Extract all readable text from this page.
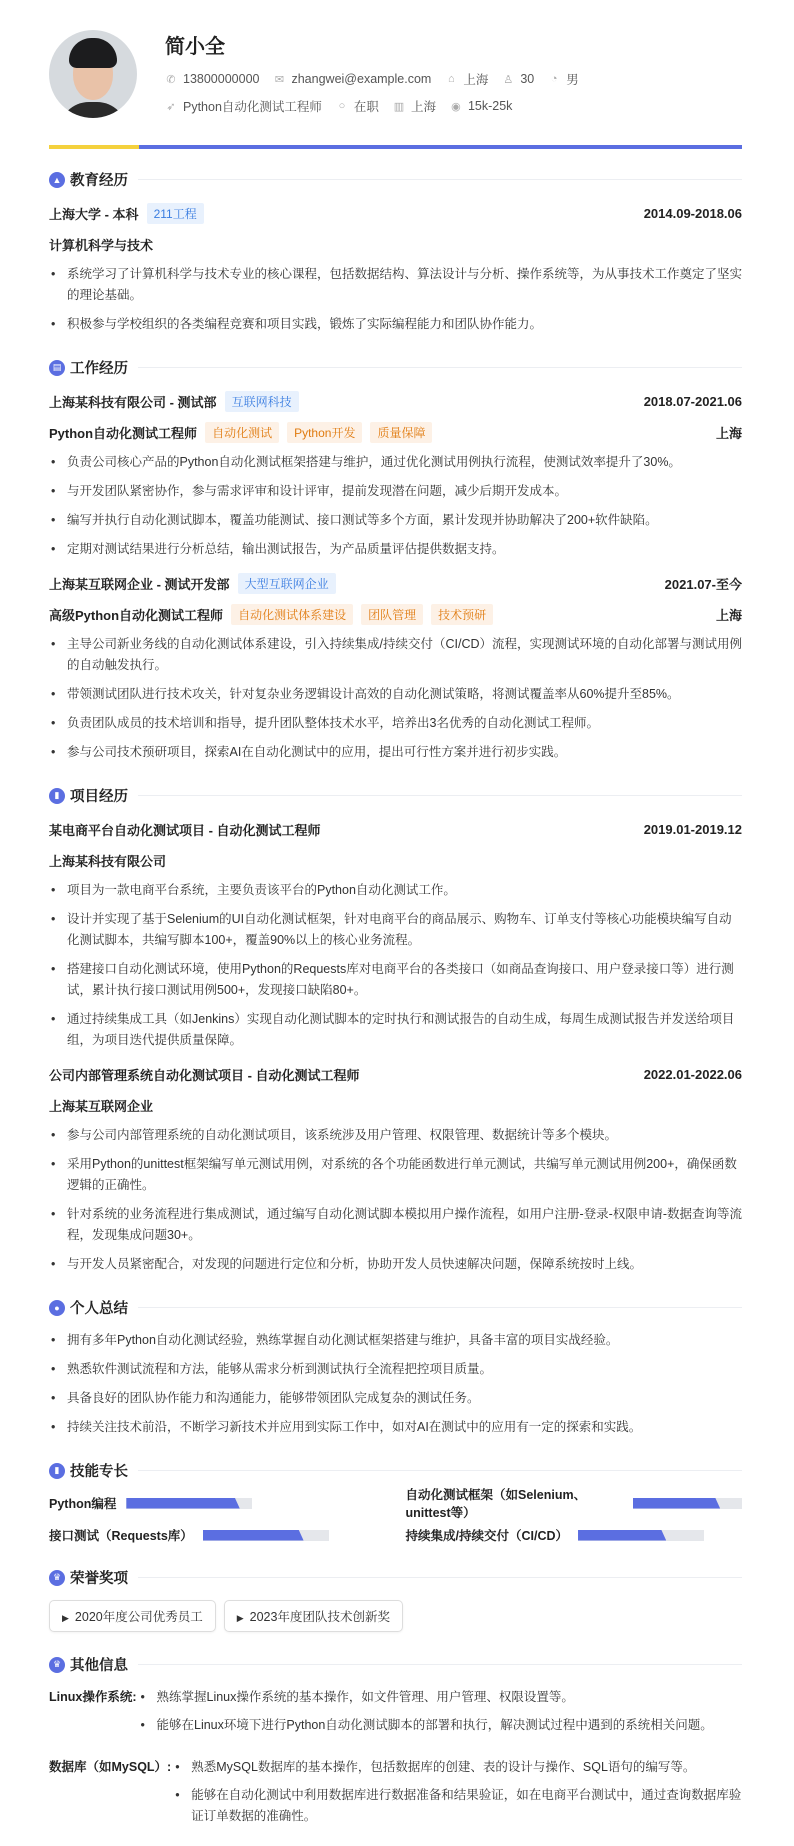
简小全
✆ 13800000000 ✉ zhangwei@example.com ⌂ 上海 ♙ 30 ◔ 男
➶ Python自动化测试工程师 ○ 在职 ▥ 上海 ◉ 15k-25k
▲ 教育经历
上海大学 - 本科	211工程	2014.09-2018.06
计算机科学与技术
• 系统学习了计算机科学与技术专业的核心课程，包括数据结构、算法设计与分析、操作系统等，为从事技术工作奠定了坚实的理论基础。
• 积极参与学校组织的各类编程竞赛和项目实践，锻炼了实际编程能力和团队协作能力。
▤ 工作经历
上海某科技有限公司 - 测试部	互联网科技	2018.07-2021.06
Python自动化测试工程师	自动化测试	Python开发	质量保障	上海
• 负责公司核心产品的Python自动化测试框架搭建与维护，通过优化测试用例执行流程，使测试效率提升了30%。
• 与开发团队紧密协作，参与需求评审和设计评审，提前发现潜在问题，减少后期开发成本。
• 编写并执行自动化测试脚本，覆盖功能测试、接口测试等多个方面，累计发现并协助解决了200+软件缺陷。
• 定期对测试结果进行分析总结，输出测试报告，为产品质量评估提供数据支持。
上海某互联网企业 - 测试开发部	大型互联网企业	2021.07-至今
高级Python自动化测试工程师	自动化测试体系建设	团队管理	技术预研	上海
• 主导公司新业务线的自动化测试体系建设，引入持续集成/持续交付（CI/CD）流程，实现测试环境的自动化部署与测试用例的自动触发执行。
• 带领测试团队进行技术攻关，针对复杂业务逻辑设计高效的自动化测试策略，将测试覆盖率从60%提升至85%。
• 负责团队成员的技术培训和指导，提升团队整体技术水平，培养出3名优秀的自动化测试工程师。
• 参与公司技术预研项目，探索AI在自动化测试中的应用，提出可行性方案并进行初步实践。
▮ 项目经历
某电商平台自动化测试项目 - 自动化测试工程师	2019.01-2019.12
上海某科技有限公司
• 项目为一款电商平台系统，主要负责该平台的Python自动化测试工作。
• 设计并实现了基于Selenium的UI自动化测试框架，针对电商平台的商品展示、购物车、订单支付等核心功能模块编写自动化测试脚本，共编写脚本100+，覆盖90%以上的核心业务流程。
• 搭建接口自动化测试环境，使用Python的Requests库对电商平台的各类接口（如商品查询接口、用户登录接口等）进行测试，累计执行接口测试用例500+，发现接口缺陷80+。
• 通过持续集成工具（如Jenkins）实现自动化测试脚本的定时执行和测试报告的自动生成，每周生成测试报告并发送给项目组，为项目迭代提供质量保障。
公司内部管理系统自动化测试项目 - 自动化测试工程师	2022.01-2022.06
上海某互联网企业
• 参与公司内部管理系统的自动化测试项目，该系统涉及用户管理、权限管理、数据统计等多个模块。
• 采用Python的unittest框架编写单元测试用例，对系统的各个功能函数进行单元测试，共编写单元测试用例200+，确保函数逻辑的正确性。
• 针对系统的业务流程进行集成测试，通过编写自动化测试脚本模拟用户操作流程，如用户注册-登录-权限申请-数据查询等流程，发现集成问题30+。
• 与开发人员紧密配合，对发现的问题进行定位和分析，协助开发人员快速解决问题，保障系统按时上线。
● 个人总结
• 拥有多年Python自动化测试经验，熟练掌握自动化测试框架搭建与维护，具备丰富的项目实战经验。
• 熟悉软件测试流程和方法，能够从需求分析到测试执行全流程把控项目质量。
• 具备良好的团队协作能力和沟通能力，能够带领团队完成复杂的测试任务。
• 持续关注技术前沿，不断学习新技术并应用到实际工作中，如对AI在测试中的应用有一定的探索和实践。
▮ 技能专长
Python编程
自动化测试框架（如Selenium、unittest等）
接口测试（Requests库）	持续集成/持续交付（CI/CD）
♛ 荣誉奖项
▶ 2020年度公司优秀员工	▶ 2023年度团队技术创新奖
♛ 其他信息
Linux操作系统:	• 熟练掌握Linux操作系统的基本操作，如文件管理、用户管理、权限设置等。
• 能够在Linux环境下进行Python自动化测试脚本的部署和执行，解决测试过程中遇到的系统相关问题。
数据库（如MySQL）:	• 熟悉MySQL数据库的基本操作，包括数据库的创建、表的设计与操作、SQL语句的编写等。
• 能够在自动化测试中利用数据库进行数据准备和结果验证，如在电商平台测试中，通过查询数据库验证订单数据的准确性。
